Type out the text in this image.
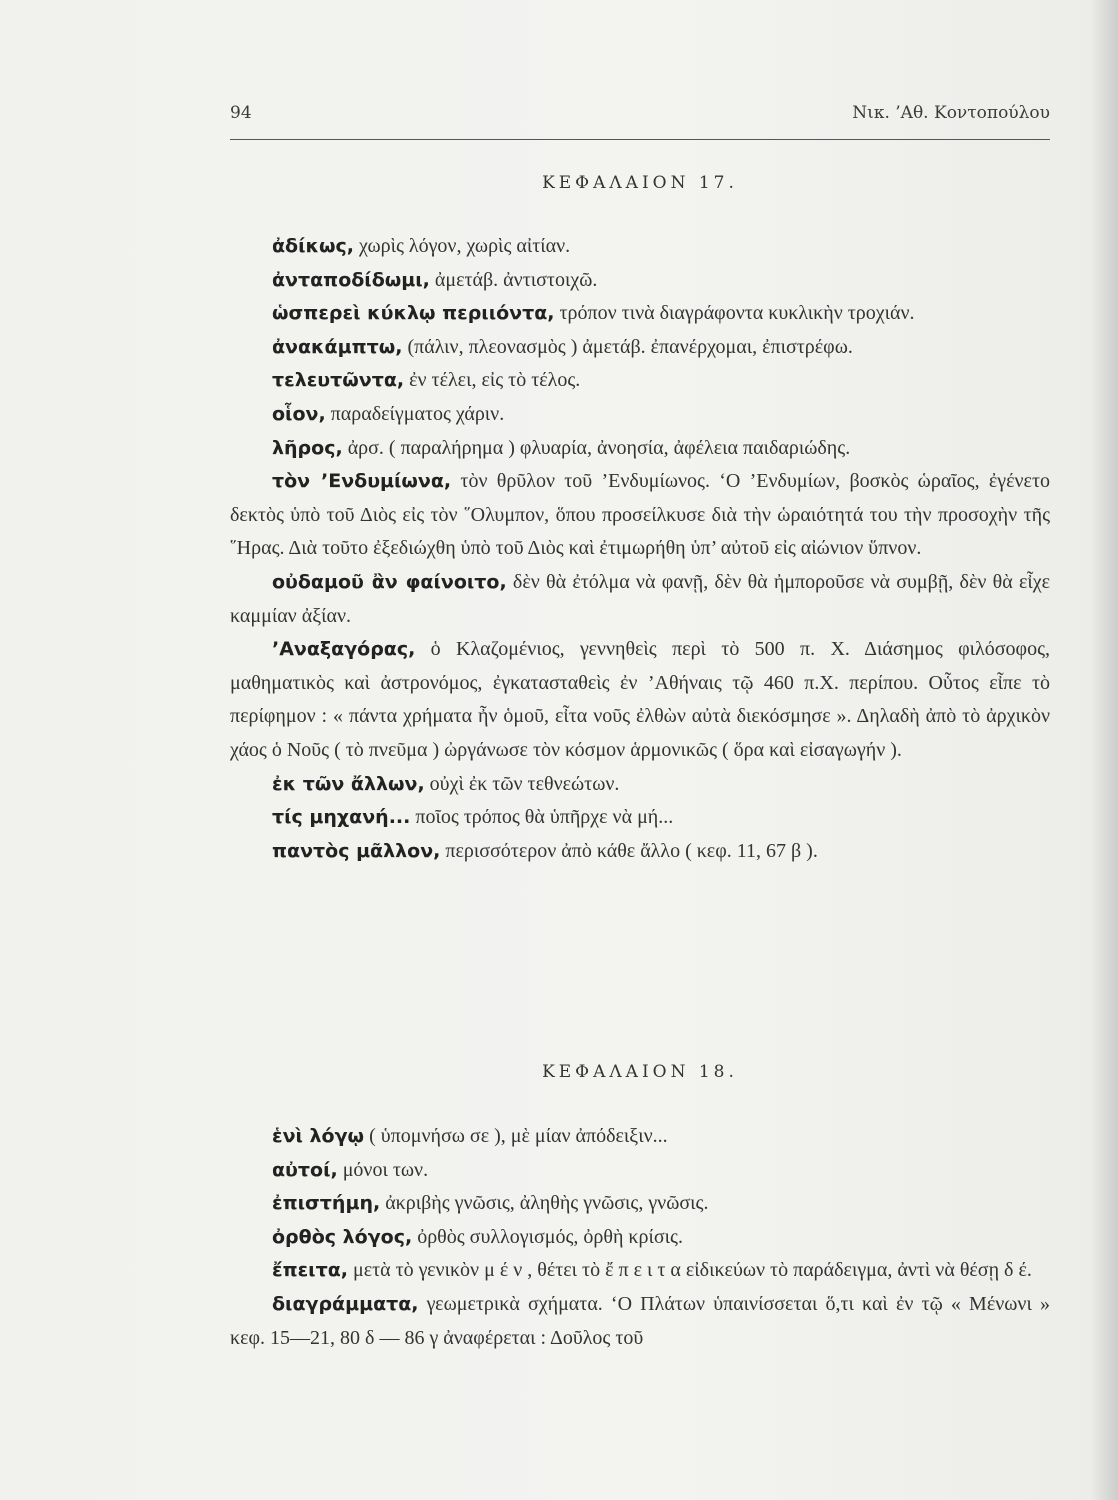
94	Νικ. ’Αθ. Κοντοπούλου
ΚΕΦΑΛΑΙΟΝ 17.

ἀδίκως, χωρὶς λόγον, χωρὶς αἰτίαν.

ἀνταποδίδωμι, ἀμετάβ. ἀντιστοιχῶ.

ὡσπερεὶ κύκλῳ περιιόντα, τρόπον τινὰ διαγράφοντα κυκλικὴν τροχιάν.

ἀνακάμπτω, (πάλιν, πλεονασμὸς ) ἀμετάβ. ἐπανέρχομαι, ἐπιστρέφω.

τελευτῶντα, ἐν τέλει, εἰς τὸ τέλος.

οἷον, παραδείγματος χάριν.

λῆρος, ἀρσ. ( παραλήρημα ) φλυαρία, ἀνοησία, ἀφέλεια παιδαριώδης.

τὸν ’Ενδυμίωνα, τὸν θρῦλον τοῦ ’Ενδυμίωνος. ‘Ο ’Ενδυμίων, βοσκὸς ὡραῖος, ἐγένετο δεκτὸς ὑπὸ τοῦ Διὸς εἰς τὸν ῞Ολυμπον, ὅπου προσείλκυσε διὰ τὴν ὡραιότητά του τὴν προσοχὴν τῆς ῞Ηρας. Διὰ τοῦτο ἐξεδιώχθη ὑπὸ τοῦ Διὸς καὶ ἐτιμωρήθη ὑπ’ αὐτοῦ εἰς αἰώνιον ὕπνον.

οὐδαμοῦ ἂν φαίνοιτο, δὲν θὰ ἐτόλμα νὰ φανῇ, δὲν θὰ ἠμποροῦσε νὰ συμβῇ, δὲν θὰ εἶχε καμμίαν ἀξίαν.

’Αναξαγόρας, ὁ Κλαζομένιος, γεννηθεὶς περὶ τὸ 500 π. Χ. Διάσημος φιλόσοφος, μαθηματικὸς καὶ ἀστρονόμος, ἐγκατασταθεὶς ἐν ’Αθήναις τῷ 460 π.Χ. περίπου. Οὗτος εἶπε τὸ περίφημον : « πάντα χρήματα ἦν ὁμοῦ, εἶτα νοῦς ἐλθὼν αὐτὰ διεκόσμησε ». Δηλαδὴ ἀπὸ τὸ ἀρχικὸν χάος ὁ Νοῦς ( τὸ πνεῦμα ) ὠργάνωσε τὸν κόσμον ἁρμονικῶς ( ὅρα καὶ εἰσαγωγήν ).

ἐκ τῶν ἄλλων, οὐχὶ ἐκ τῶν τεθνεώτων.

τίς μηχανή... ποῖος τρόπος θὰ ὑπῆρχε νὰ μή...

παντὸς μᾶλλον, περισσότερον ἀπὸ κάθε ἄλλο ( κεφ. 11, 67 β ).

ΚΕΦΑΛΑΙΟΝ 18.

ἑνὶ λόγῳ ( ὑπομνήσω σε ), μὲ μίαν ἀπόδειξιν...

αὐτοί, μόνοι των.

ἐπιστήμη, ἀκριβὴς γνῶσις, ἀληθὴς γνῶσις, γνῶσις.

ὀρθὸς λόγος, ὀρθὸς συλλογισμός, ὀρθὴ κρίσις.

ἔπειτα, μετὰ τὸ γενικὸν μ έ ν , θέτει τὸ ἔ π ε ι τ α εἰδικεύων τὸ παράδειγμα, ἀντὶ νὰ θέσῃ δ έ.

διαγράμματα, γεωμετρικὰ σχήματα. ‘Ο Πλάτων ὑπαινίσσεται ὅ,τι καὶ ἐν τῷ « Μένωνι » κεφ. 15—21, 80 δ — 86 γ ἀναφέρεται : Δοῦλος τοῦ
